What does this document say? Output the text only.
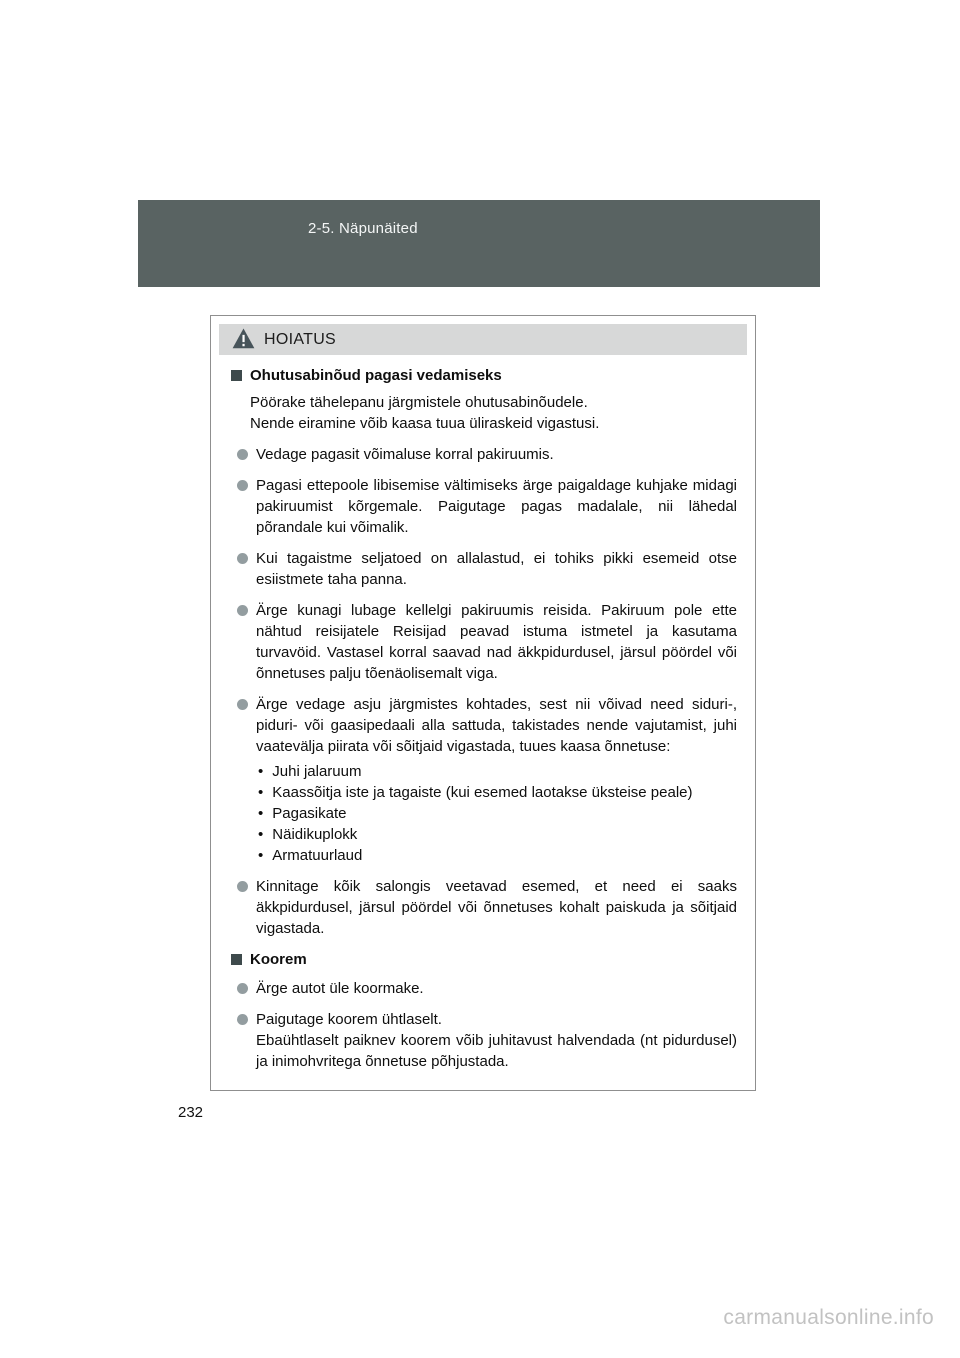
2-5. Näpunäited
HOIATUS
Ohutusabinõud pagasi vedamiseks

Pöörake tähelepanu järgmistele ohutusabinõudele.

Nende eiramine võib kaasa tuua üliraskeid vigastusi.

Vedage pagasit võimaluse korral pakiruumis.
Pagasi ettepoole libisemise vältimiseks ärge paigaldage kuhjake midagi pakiruumist kõrgemale. Paigutage pagas madalale, nii lähedal põrandale kui võimalik.
Kui tagaistme seljatoed on allalastud, ei tohiks pikki esemeid otse esiistmete taha panna.
Ärge kunagi lubage kellelgi pakiruumis reisida. Pakiruum pole ette nähtud reisijatele Reisijad peavad istuma istmetel ja kasutama turvavöid. Vastasel korral saavad nad äkkpidurdusel, järsul pöördel või õnnetuses palju tõenäolisemalt viga.
Ärge vedage asju järgmistes kohtades, sest nii võivad need siduri-, piduri- või gaasipedaali alla sattuda, takistades nende vajutamist, juhi vaatevälja piirata või sõitjaid vigastada, tuues kaasa õnnetuse:
•
Juhi jalaruum
•
Kaassõitja iste ja tagaiste (kui esemed laotakse üksteise peale)
•
Pagasikate
•
Näidikuplokk
•
Armatuurlaud
Kinnitage kõik salongis veetavad esemed, et need ei saaks äkkpidurdusel, järsul pöördel või õnnetuses kohalt paiskuda ja sõitjaid vigastada.
Koorem
Ärge autot üle koormake.
Paigutage koorem ühtlaselt.

Ebaühtlaselt paiknev koorem võib juhitavust halvendada (nt pidurdusel) ja inimohvritega õnnetuse põhjustada.

232
carmanualsonline.info
